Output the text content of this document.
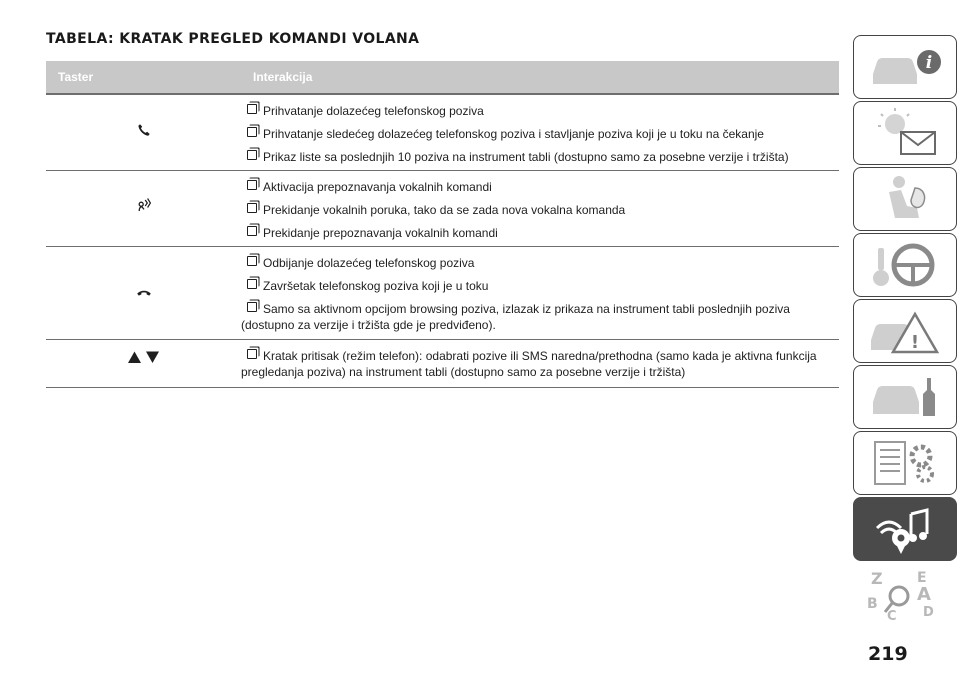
TABELA: KRATAK PREGLED KOMANDI VOLANA
Taster	Interakcija
Prihvatanje dolazećeg telefonskog poziva
Prihvatanje sledećeg dolazećeg telefonskog poziva i stavljanje poziva koji je u toku na čekanje
Prikaz liste sa poslednjih 10 poziva na instrument tabli (dostupno samo za posebne verzije i tržišta)
Aktivacija prepoznavanja vokalnih komandi
Prekidanje vokalnih poruka, tako da se zada nova vokalna komanda
Prekidanje prepoznavanja vokalnih komandi
Odbijanje dolazećeg telefonskog poziva
Završetak telefonskog poziva koji je u toku
Samo sa aktivnom opcijom browsing poziva, izlazak iz prikaza na instrument tabli poslednjih poziva (dostupno za verzije i tržišta gde je predviđeno).
Kratak pritisak (režim telefon): odabrati pozive ili SMS naredna/prethodna (samo kada je aktivna funkcija pregledanja poziva) na instrument tabli (dostupno samo za posebne verzije i tržišta)
i
!
Z E
B A
C D
219
